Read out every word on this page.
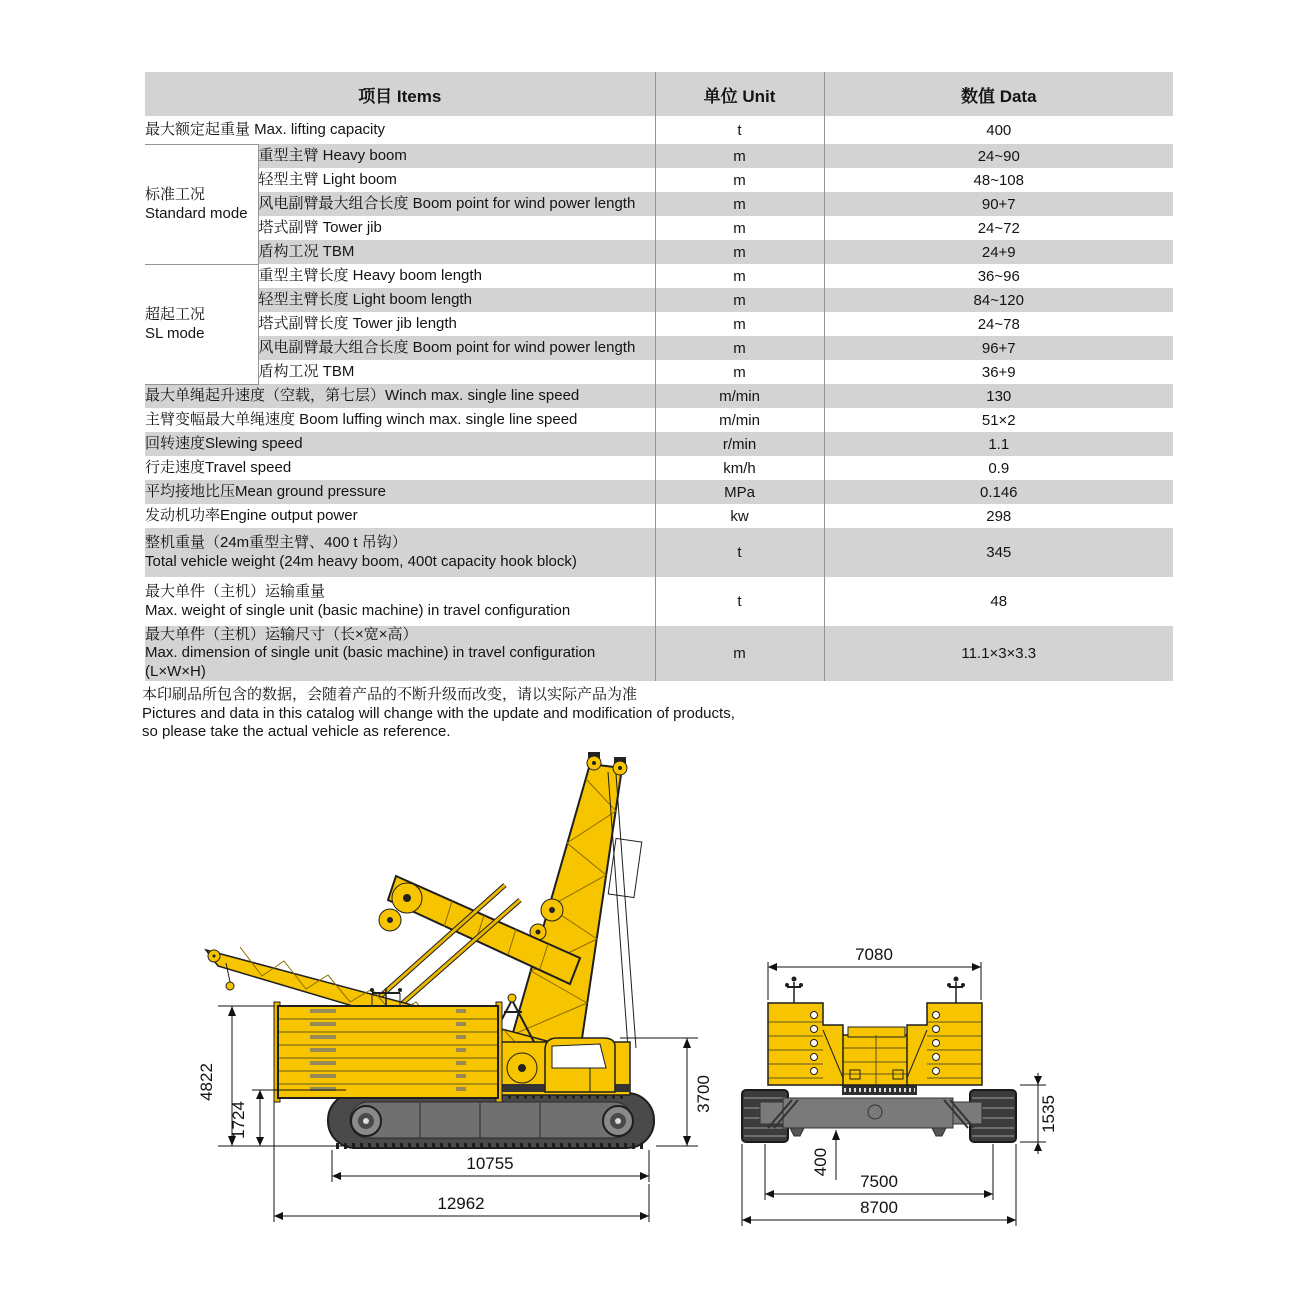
项目 Items		单位 Unit	数值 Data

最大额定起重量 Max. lifting capacity		t	400

标准工况
Standard mode	重型主臂 Heavy boom	m	24~90

	轻型主臂 Light boom	m	48~108

	风电副臂最大组合长度 Boom point for wind power length	m	90+7

	塔式副臂 Tower jib	m	24~72

	盾构工况 TBM	m	24+9

超起工况
SL mode	重型主臂长度 Heavy boom length	m	36~96

	轻型主臂长度 Light boom length	m	84~120

	塔式副臂长度 Tower jib length	m	24~78

	风电副臂最大组合长度 Boom point for wind power length	m	96+7

	盾构工况 TBM	m	36+9

最大单绳起升速度（空载，第七层）Winch max. single line speed		m/min	130

主臂变幅最大单绳速度 Boom luffing winch max. single line speed		m/min	51×2

回转速度Slewing speed		r/min	1.1

行走速度Travel speed		km/h	0.9

平均接地比压Mean ground pressure		MPa	0.146

发动机功率Engine output power		kw	298

整机重量（24m重型主臂、400 t 吊钩）
Total vehicle weight (24m heavy boom, 400t capacity hook block)		t	345

最大单件（主机）运输重量
Max. weight of single unit (basic machine) in travel configuration		t	48

最大单件（主机）运输尺寸（长×宽×高）
Max. dimension of single unit (basic machine) in travel configuration (L×W×H)		m	11.1×3×3.3
本印刷品所包含的数据，会随着产品的不断升级而改变，请以实际产品为准
Pictures and data in this catalog will change with the update and modification of products,
so please take the actual vehicle as reference.
4822
1724
3700
10755
12962
7080
1535
400
7500
8700
